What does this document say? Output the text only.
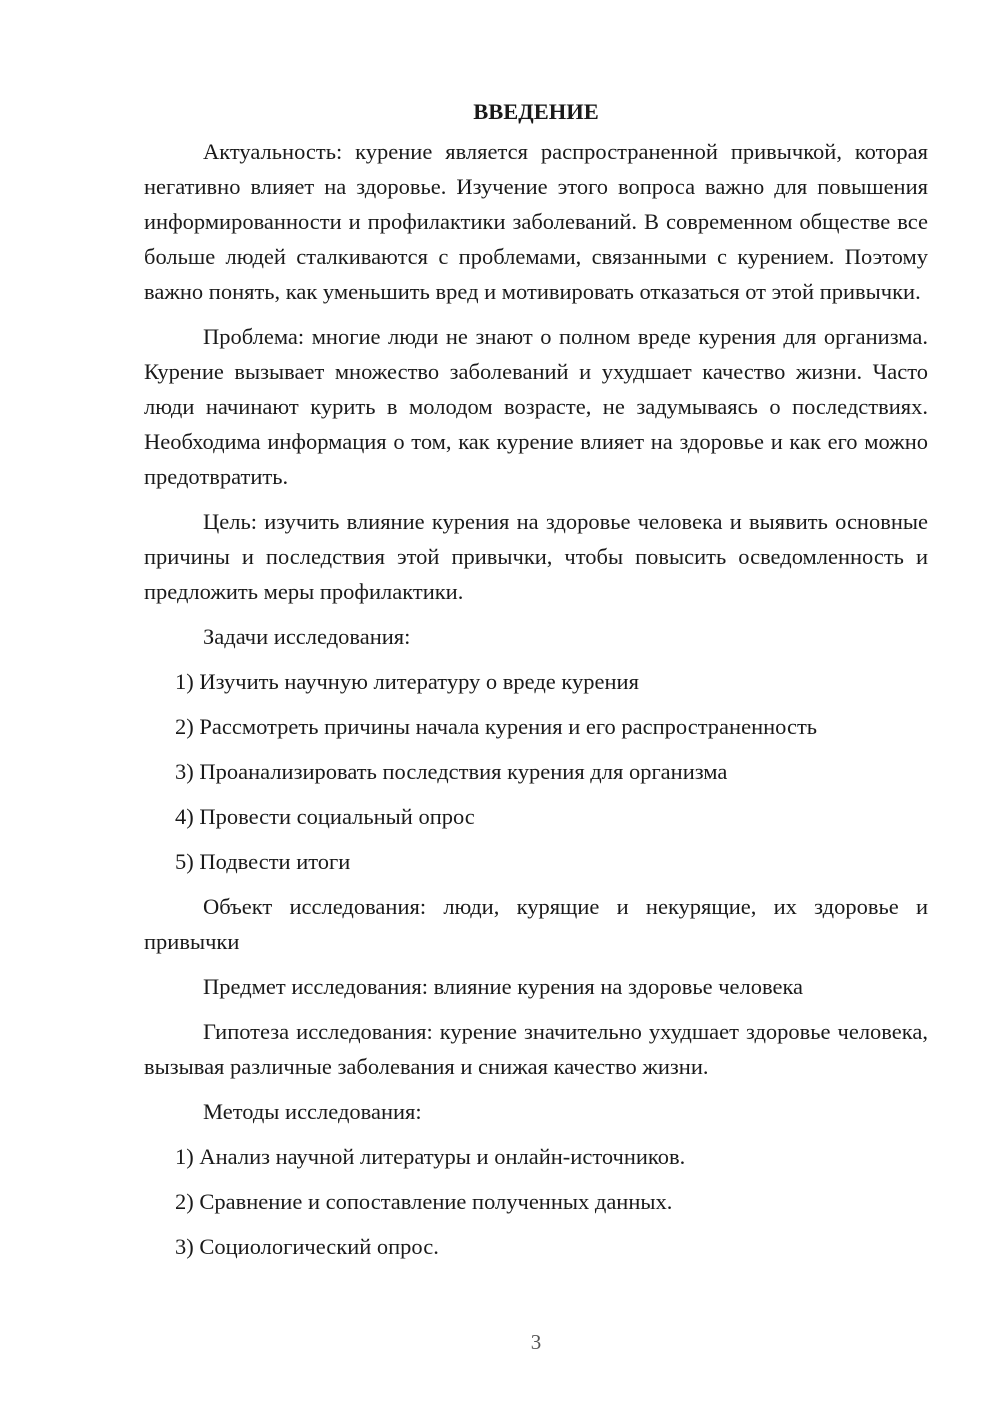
ВВЕДЕНИЕ

Актуальность: курение является распространенной привычкой, которая негативно влияет на здоровье. Изучение этого вопроса важно для повышения информированности и профилактики заболеваний. В современном обществе все больше людей сталкиваются с проблемами, связанными с курением. Поэтому важно понять, как уменьшить вред и мотивировать отказаться от этой привычки.

Проблема: многие люди не знают о полном вреде курения для организма. Курение вызывает множество заболеваний и ухудшает качество жизни. Часто люди начинают курить в молодом возрасте, не задумываясь о последствиях. Необходима информация о том, как курение влияет на здоровье и как его можно предотвратить.

Цель: изучить влияние курения на здоровье человека и выявить основные причины и последствия этой привычки, чтобы повысить осведомленность и предложить меры профилактики.

Задачи исследования:

1) Изучить научную литературу о вреде курения
2) Рассмотреть причины начала курения и его распространенность
3) Проанализировать последствия курения для организма
4) Провести социальный опрос
5) Подвести итоги

Объект исследования: люди, курящие и некурящие, их здоровье и привычки

Предмет исследования: влияние курения на здоровье человека

Гипотеза исследования: курение значительно ухудшает здоровье человека, вызывая различные заболевания и снижая качество жизни.

Методы исследования:

1) Анализ научной литературы и онлайн-источников.
2) Сравнение и сопоставление полученных данных.
3) Социологический опрос.
3
